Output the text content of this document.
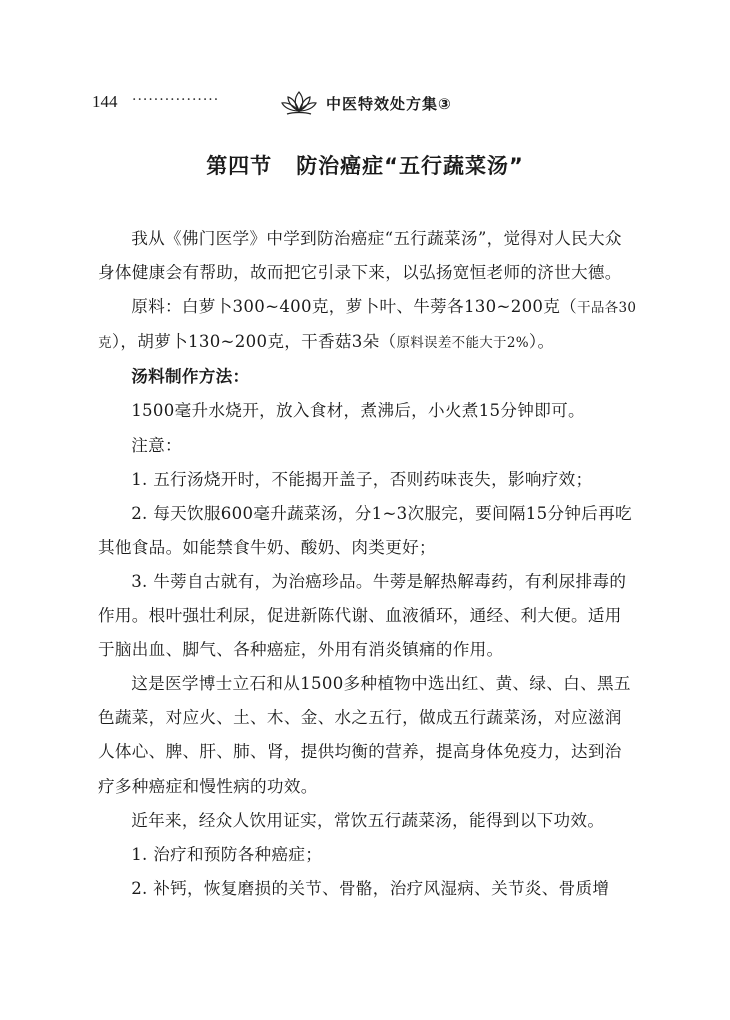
144 ················	中医特效处方集③
第四节 防治癌症“五行蔬菜汤”

我从《佛门医学》中学到防治癌症“五行蔬菜汤”，觉得对人民大众身体健康会有帮助，故而把它引录下来，以弘扬宽恒老师的济世大德。

原料：白萝卜300~400克，萝卜叶、牛蒡各130~200克（干品各30克），胡萝卜130~200克，干香菇3朵（原料误差不能大于2%）。

汤料制作方法：

1500毫升水烧开，放入食材，煮沸后，小火煮15分钟即可。

注意：

1. 五行汤烧开时，不能揭开盖子，否则药味丧失，影响疗效；

2. 每天饮服600毫升蔬菜汤，分1~3次服完，要间隔15分钟后再吃其他食品。如能禁食牛奶、酸奶、肉类更好；

3. 牛蒡自古就有，为治癌珍品。牛蒡是解热解毒药，有利尿排毒的作用。根叶强壮利尿，促进新陈代谢、血液循环，通经、利大便。适用于脑出血、脚气、各种癌症，外用有消炎镇痛的作用。

这是医学博士立石和从1500多种植物中选出红、黄、绿、白、黑五色蔬菜，对应火、土、木、金、水之五行，做成五行蔬菜汤，对应滋润人体心、脾、肝、肺、肾，提供均衡的营养，提高身体免疫力，达到治疗多种癌症和慢性病的功效。

近年来，经众人饮用证实，常饮五行蔬菜汤，能得到以下功效。

1. 治疗和预防各种癌症；

2. 补钙，恢复磨损的关节、骨骼，治疗风湿病、关节炎、骨质增
